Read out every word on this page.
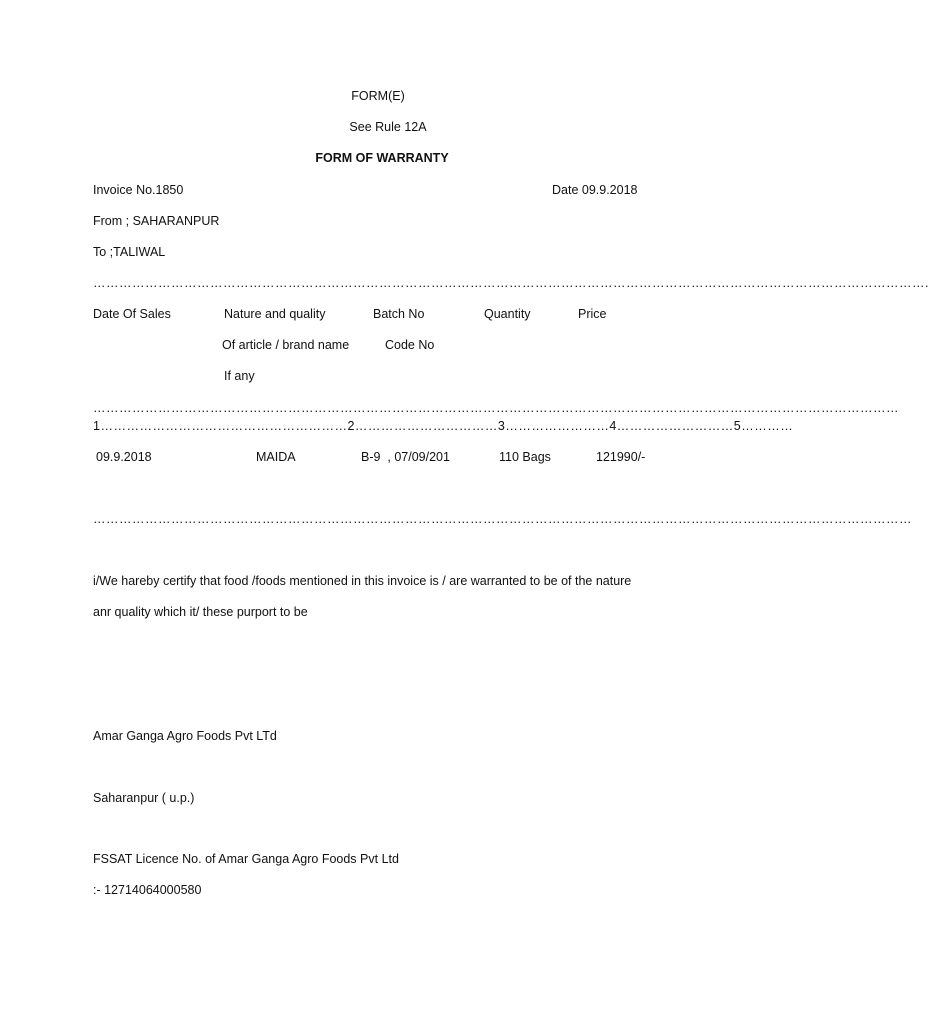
FORM(E)
See Rule 12A
FORM OF WARRANTY
Invoice No.1850	Date 09.9.2018
From ; SAHARANPUR
To ;TALIWAL
………………………………………………………………………………………………………………………………………………………………………….
Date Of Sales	Nature and quality	Batch No	Quantity	Price
Of article / brand name	Code No
If any
……………………………………………………………………………………………………………………………………………………………………
1…………………………………………………2……………………………3……………………4………………………5…………
09.9.2018	MAIDA	B-9  , 07/09/201	110 Bags	121990/-
………………………………………………………………………………………………………………………………………………………………………
i/We hareby certify that food /foods mentioned in this invoice is / are warranted to be of the nature
anr quality which it/ these purport to be
Amar Ganga Agro Foods Pvt LTd
Saharanpur ( u.p.)
FSSAT Licence No. of Amar Ganga Agro Foods Pvt Ltd
:- 12714064000580
